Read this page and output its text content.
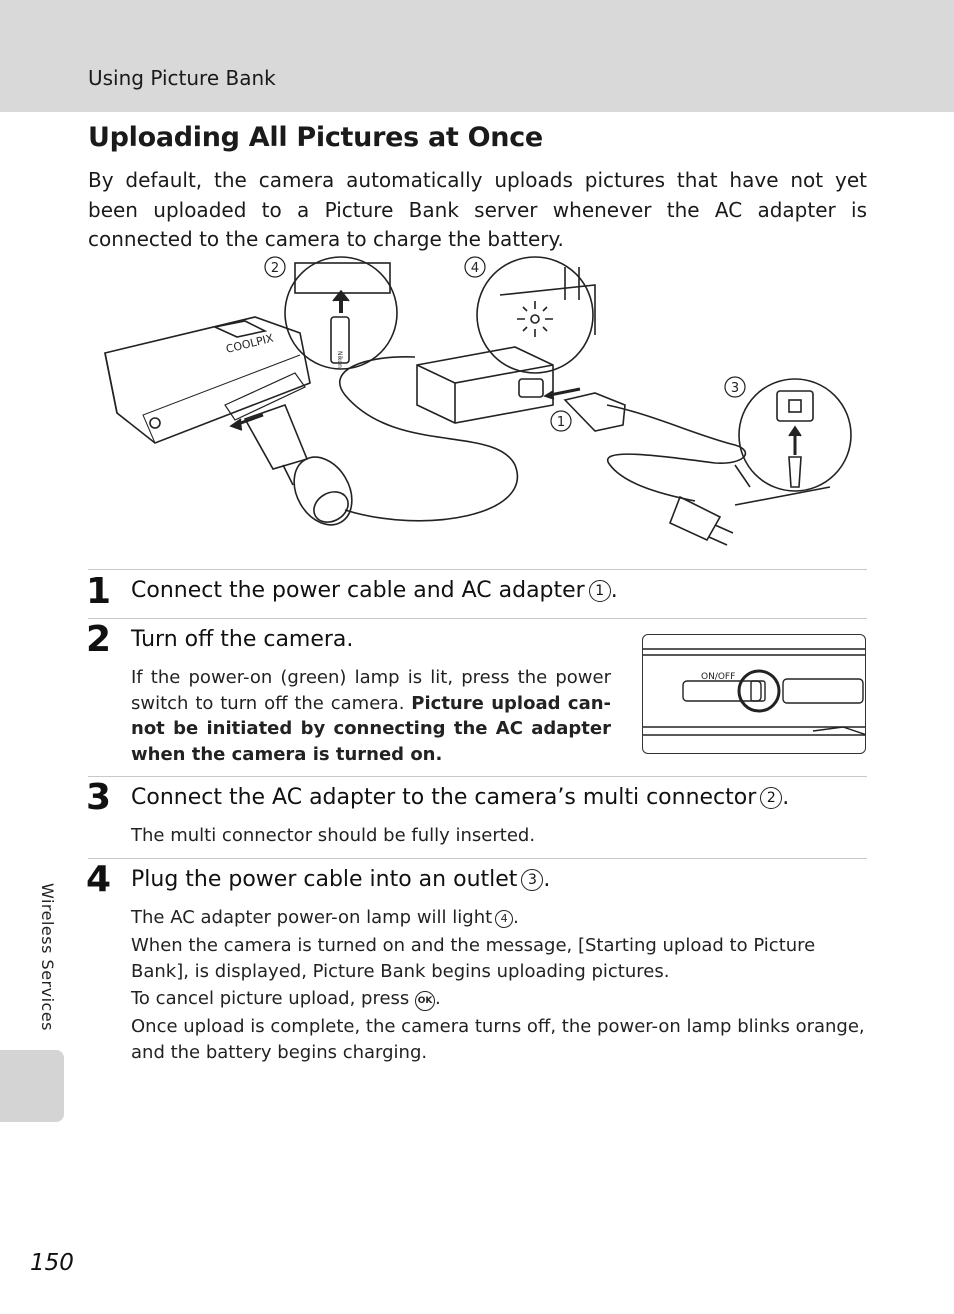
Using Picture Bank
Uploading All Pictures at Once

By default, the camera automatically uploads pictures that have not yet been uploaded to a Picture Bank server whenever the AC adapter is connected to the camera to charge the battery.

2	4
3
1
COOLPIX
Nikon
1 Connect the power cable and AC adapter 1 .
2 Turn off the camera.

If the power-on (green) lamp is lit, press the power switch to turn off the camera. Picture upload can-not be initiated by connecting the AC adapter when the camera is turned on.

ON/OFF
3 Connect the AC adapter to the camera’s multi connector 2 .

The multi connector should be fully inserted.

4 Plug the power cable into an outlet 3 .

The AC adapter power-on lamp will light 4 .

When the camera is turned on and the message, [Starting upload to Picture Bank], is displayed, Picture Bank begins uploading pictures.

To cancel picture upload, press OK .

Once upload is complete, the camera turns off, the power-on lamp blinks orange, and the battery begins charging.

Wireless Services
150
